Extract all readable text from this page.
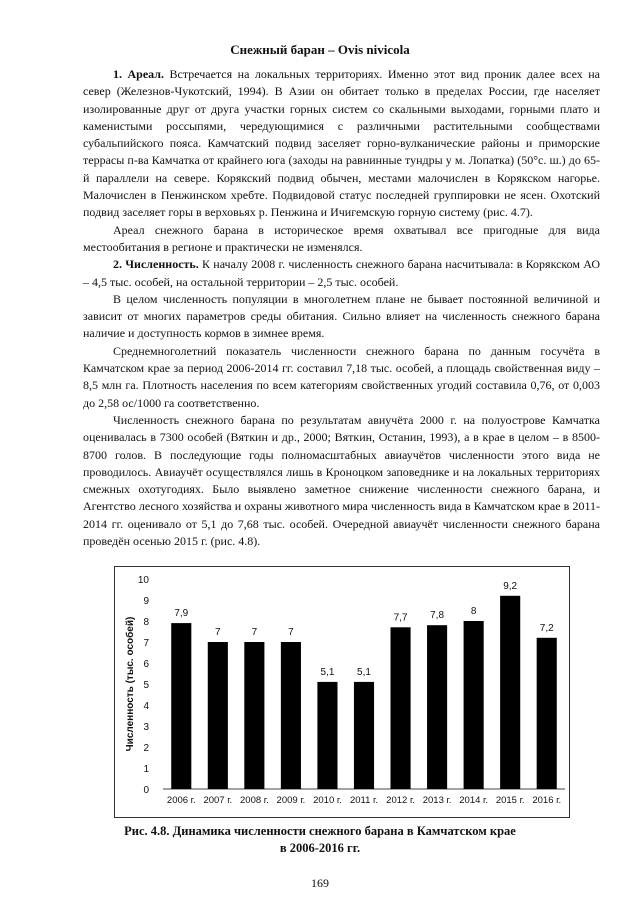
Снежный баран – Ovis nivicola

1. Ареал. Встречается на локальных территориях. Именно этот вид проник далее всех на север (Железнов-Чукотский, 1994). В Азии он обитает только в пределах России, где населяет изолированные друг от друга участки горных систем со скальными выходами, горными плато и каменистыми россыпями, чередующимися с различными растительными сообществами субальпийского пояса. Камчатский подвид заселяет горно-вулканические районы и приморские террасы п-ва Камчатка от крайнего юга (заходы на равнинные тундры у м. Лопатка) (50°с. ш.) до 65-й параллели на севере. Корякский подвид обычен, местами малочислен в Корякском нагорье. Малочислен в Пенжинском хребте. Подвидовой статус последней группировки не ясен. Охотский подвид заселяет горы в верховьях р. Пенжина и Ичигемскую горную систему (рис. 4.7).

Ареал снежного барана в историческое время охватывал все пригодные для вида местообитания в регионе и практически не изменялся.

2. Численность. К началу 2008 г. численность снежного барана насчитывала: в Корякском АО – 4,5 тыс. особей, на остальной территории – 2,5 тыс. особей.

В целом численность популяции в многолетнем плане не бывает постоянной величиной и зависит от многих параметров среды обитания. Сильно влияет на численность снежного барана наличие и доступность кормов в зимнее время.

Среднемноголетний показатель численности снежного барана по данным госучёта в Камчатском крае за период 2006-2014 гг. составил 7,18 тыс. особей, а площадь свойственная виду – 8,5 млн га. Плотность населения по всем категориям свойственных угодий составила 0,76, от 0,003 до 2,58 ос/1000 га соответственно.

Численность снежного барана по результатам авиучёта 2000 г. на полуострове Камчатка оценивалась в 7300 особей (Вяткин и др., 2000; Вяткин, Останин, 1993), а в крае в целом – в 8500-8700 голов. В последующие годы полномасштабных авиаучётов численности этого вида не проводилось. Авиаучёт осуществлялся лишь в Кроноцком заповеднике и на локальных территориях смежных охотугодиях. Было выявлено заметное снижение численности снежного барана, и Агентство лесного хозяйства и охраны животного мира численность вида в Камчатском крае в 2011-2014 гг. оценивало от 5,1 до 7,68 тыс. особей. Очередной авиаучёт численности снежного барана проведён осенью 2015 г. (рис. 4.8).

0
1
2
3
4
5
6
7
8
9
10
Численность (тыс. особей)
7,9
2006 г.
7
2007 г.
7
2008 г.
7
2009 г.
5,1
2010 г.
5,1
2011 г.
7,7
2012 г.
7,8
2013 г.
8
2014 г.
9,2
2015 г.
7,2
2016 г.
Рис. 4.8. Динамика численности снежного барана в Камчатском крае
в 2006-2016 гг.
169
